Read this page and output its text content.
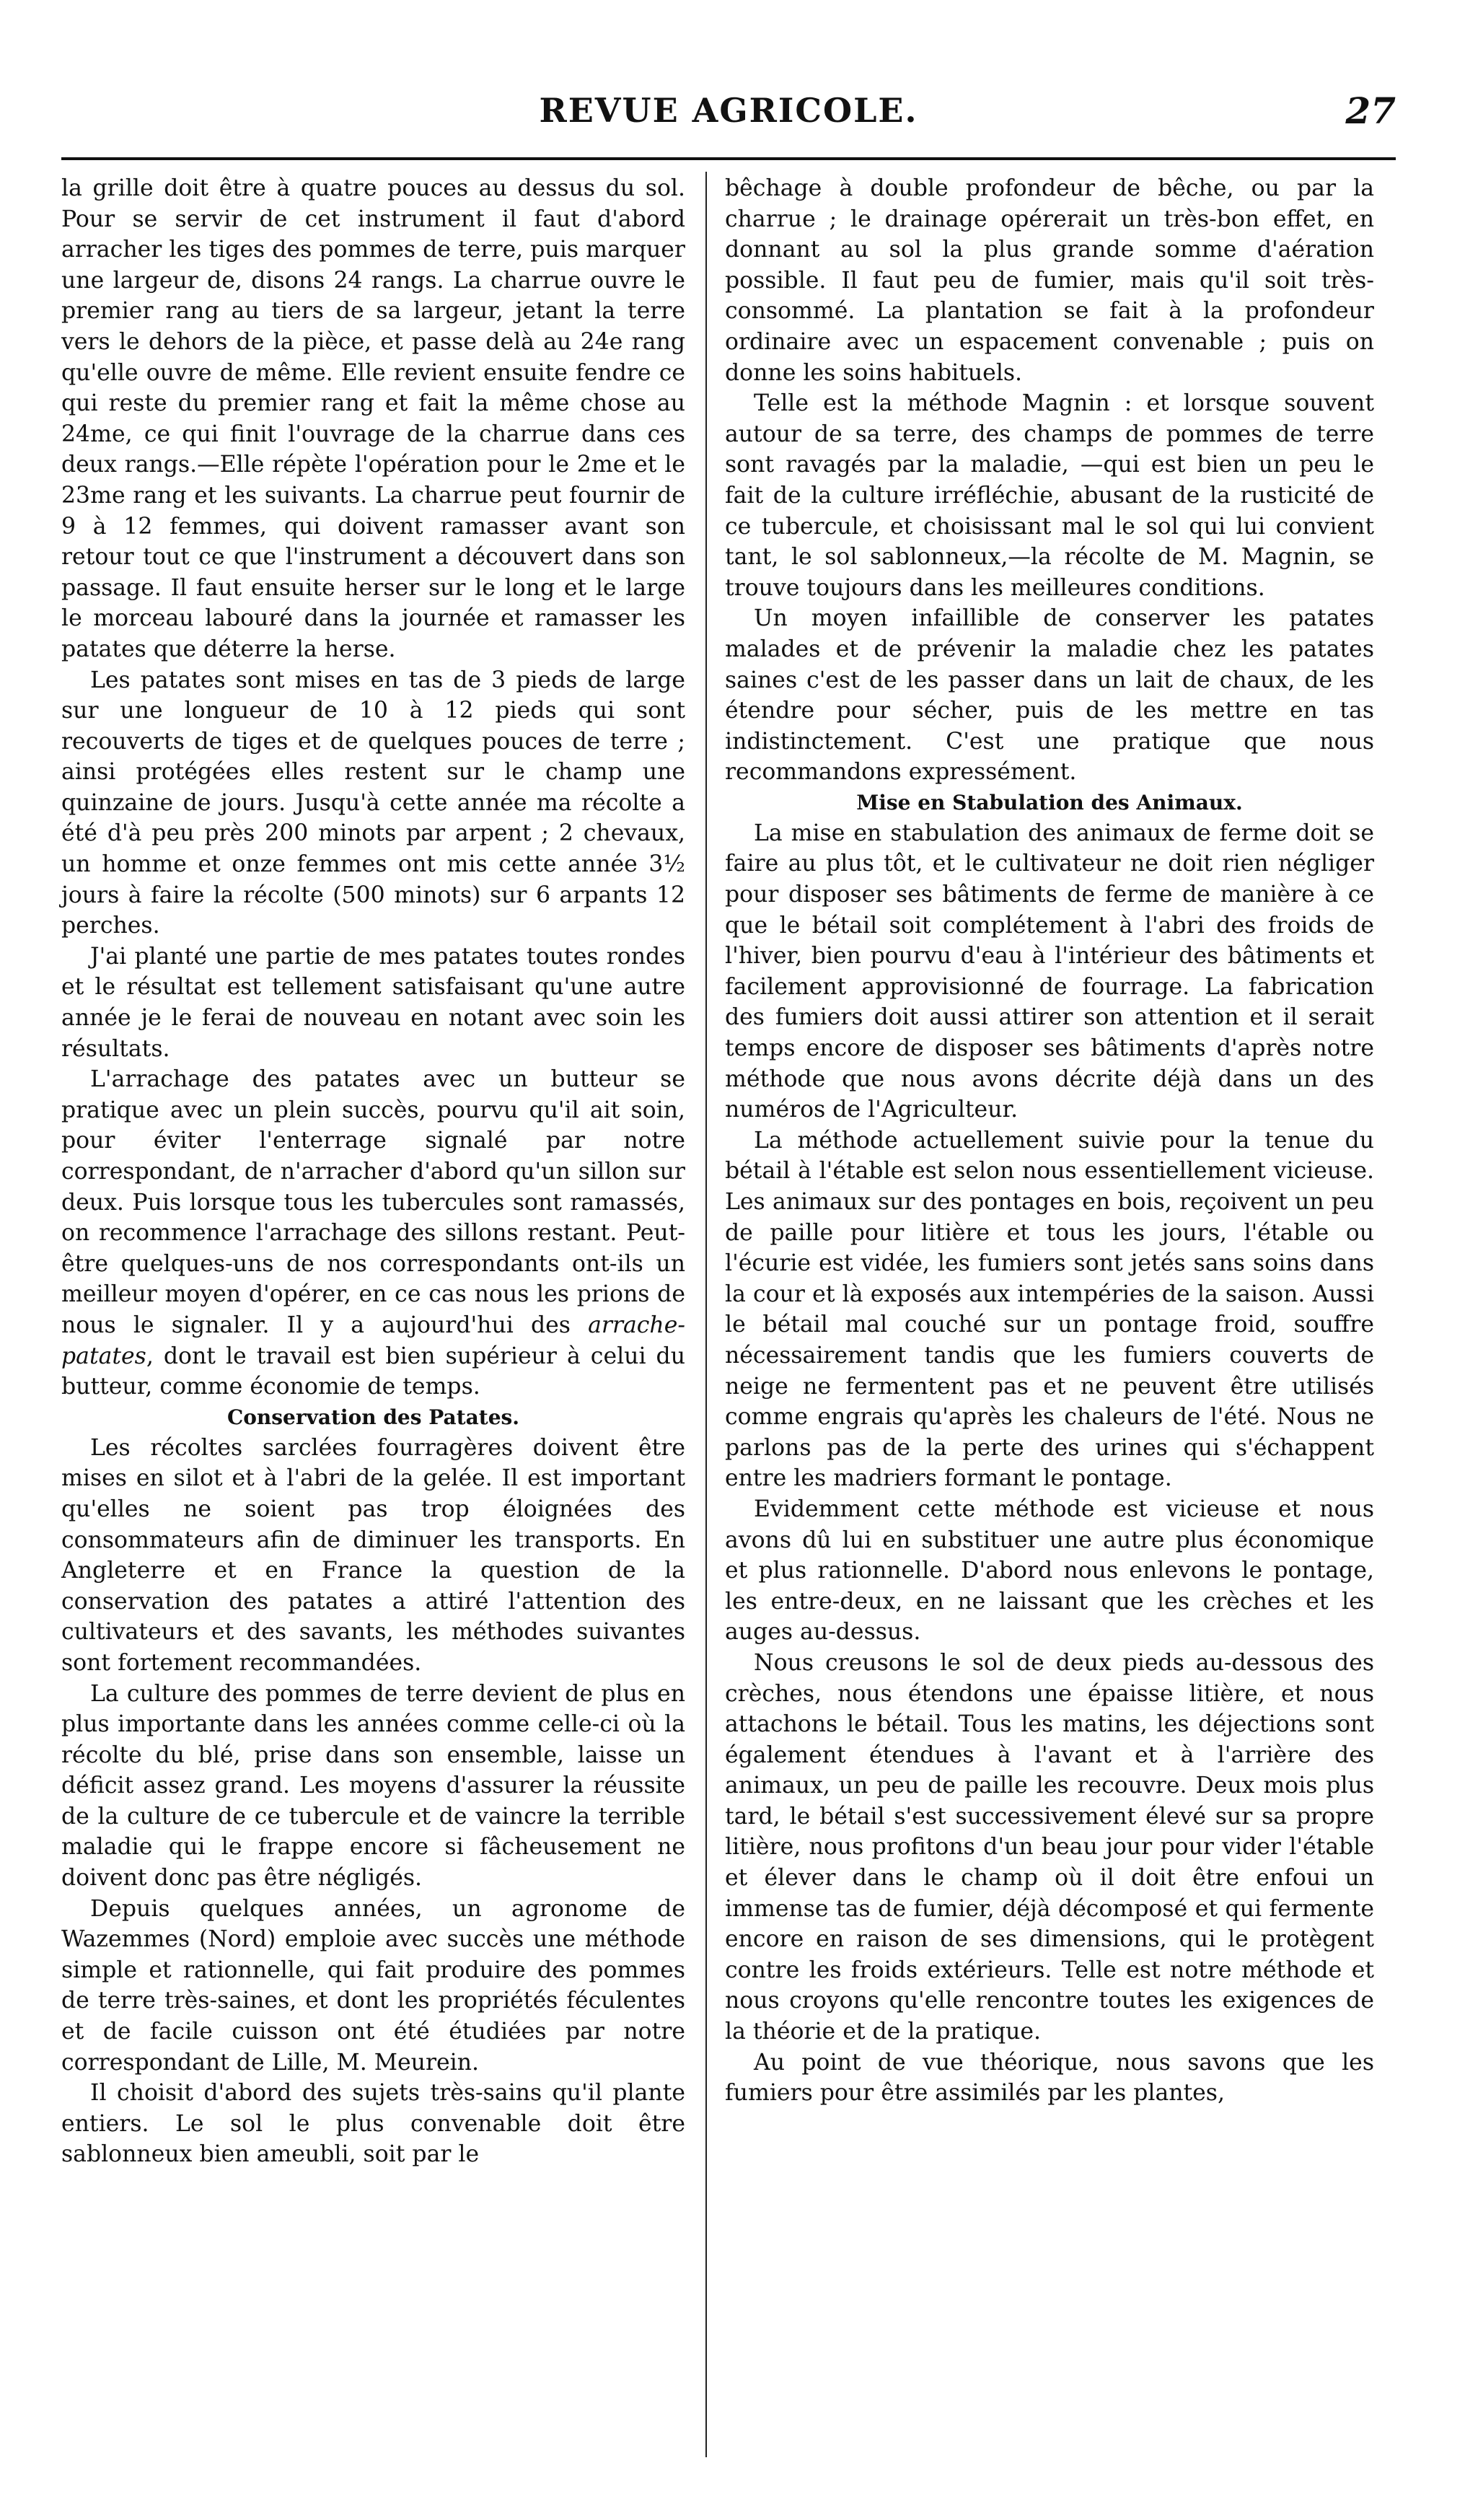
REVUE AGRICOLE.	27

la grille doit être à quatre pouces au dessus du sol. Pour se servir de cet instrument il faut d'abord arracher les tiges des pommes de terre, puis marquer une largeur de, disons 24 rangs. La charrue ouvre le premier rang au tiers de sa largeur, jetant la terre vers le dehors de la pièce, et passe delà au 24e rang qu'elle ouvre de même. Elle revient ensuite fendre ce qui reste du premier rang et fait la même chose au 24me, ce qui finit l'ouvrage de la charrue dans ces deux rangs.—Elle répète l'opération pour le 2me et le 23me rang et les suivants. La charrue peut fournir de 9 à 12 femmes, qui doivent ramasser avant son retour tout ce que l'instrument a découvert dans son passage. Il faut ensuite herser sur le long et le large le morceau labouré dans la journée et ramasser les patates que déterre la herse.

Les patates sont mises en tas de 3 pieds de large sur une longueur de 10 à 12 pieds qui sont recouverts de tiges et de quelques pouces de terre ; ainsi protégées elles restent sur le champ une quinzaine de jours. Jusqu'à cette année ma récolte a été d'à peu près 200 minots par arpent ; 2 chevaux, un homme et onze femmes ont mis cette année 3½ jours à faire la récolte (500 minots) sur 6 arpants 12 perches.

J'ai planté une partie de mes patates toutes rondes et le résultat est tellement satisfaisant qu'une autre année je le ferai de nouveau en notant avec soin les résultats.

L'arrachage des patates avec un butteur se pratique avec un plein succès, pourvu qu'il ait soin, pour éviter l'enterrage signalé par notre correspondant, de n'arracher d'abord qu'un sillon sur deux. Puis lorsque tous les tubercules sont ramassés, on recommence l'arrachage des sillons restant. Peut-être quelques-uns de nos correspondants ont-ils un meilleur moyen d'opérer, en ce cas nous les prions de nous le signaler. Il y a aujourd'hui des arrache-patates, dont le travail est bien supérieur à celui du butteur, comme économie de temps.

Conservation des Patates.

Les récoltes sarclées fourragères doivent être mises en silot et à l'abri de la gelée. Il est important qu'elles ne soient pas trop éloignées des consommateurs afin de diminuer les transports. En Angleterre et en France la question de la conservation des patates a attiré l'attention des cultivateurs et des savants, les méthodes suivantes sont fortement recommandées.

La culture des pommes de terre devient de plus en plus importante dans les années comme celle-ci où la récolte du blé, prise dans son ensemble, laisse un déficit assez grand. Les moyens d'assurer la réussite de la culture de ce tubercule et de vaincre la terrible maladie qui le frappe encore si fâcheusement ne doivent donc pas être négligés.

Depuis quelques années, un agronome de Wazemmes (Nord) emploie avec succès une méthode simple et rationnelle, qui fait produire des pommes de terre très-saines, et dont les propriétés féculentes et de facile cuisson ont été étudiées par notre correspondant de Lille, M. Meurein.

Il choisit d'abord des sujets très-sains qu'il plante entiers. Le sol le plus convenable doit être sablonneux bien ameubli, soit par le

bêchage à double profondeur de bêche, ou par la charrue ; le drainage opérerait un très-bon effet, en donnant au sol la plus grande somme d'aération possible. Il faut peu de fumier, mais qu'il soit très-consommé. La plantation se fait à la profondeur ordinaire avec un espacement convenable ; puis on donne les soins habituels.

Telle est la méthode Magnin : et lorsque souvent autour de sa terre, des champs de pommes de terre sont ravagés par la maladie, —qui est bien un peu le fait de la culture irréfléchie, abusant de la rusticité de ce tubercule, et choisissant mal le sol qui lui convient tant, le sol sablonneux,—la récolte de M. Magnin, se trouve toujours dans les meilleures conditions.

Un moyen infaillible de conserver les patates malades et de prévenir la maladie chez les patates saines c'est de les passer dans un lait de chaux, de les étendre pour sécher, puis de les mettre en tas indistinctement. C'est une pratique que nous recommandons expressément.

Mise en Stabulation des Animaux.

La mise en stabulation des animaux de ferme doit se faire au plus tôt, et le cultivateur ne doit rien négliger pour disposer ses bâtiments de ferme de manière à ce que le bétail soit complétement à l'abri des froids de l'hiver, bien pourvu d'eau à l'intérieur des bâtiments et facilement approvisionné de fourrage. La fabrication des fumiers doit aussi attirer son attention et il serait temps encore de disposer ses bâtiments d'après notre méthode que nous avons décrite déjà dans un des numéros de l'Agriculteur.

La méthode actuellement suivie pour la tenue du bétail à l'étable est selon nous essentiellement vicieuse. Les animaux sur des pontages en bois, reçoivent un peu de paille pour litière et tous les jours, l'étable ou l'écurie est vidée, les fumiers sont jetés sans soins dans la cour et là exposés aux intempéries de la saison. Aussi le bétail mal couché sur un pontage froid, souffre nécessairement tandis que les fumiers couverts de neige ne fermentent pas et ne peuvent être utilisés comme engrais qu'après les chaleurs de l'été. Nous ne parlons pas de la perte des urines qui s'échappent entre les madriers formant le pontage.

Evidemment cette méthode est vicieuse et nous avons dû lui en substituer une autre plus économique et plus rationnelle. D'abord nous enlevons le pontage, les entre-deux, en ne laissant que les crèches et les auges au-dessus.

Nous creusons le sol de deux pieds au-dessous des crèches, nous étendons une épaisse litière, et nous attachons le bétail. Tous les matins, les déjections sont également étendues à l'avant et à l'arrière des animaux, un peu de paille les recouvre. Deux mois plus tard, le bétail s'est successivement élevé sur sa propre litière, nous profitons d'un beau jour pour vider l'étable et élever dans le champ où il doit être enfoui un immense tas de fumier, déjà décomposé et qui fermente encore en raison de ses dimensions, qui le protègent contre les froids extérieurs. Telle est notre méthode et nous croyons qu'elle rencontre toutes les exigences de la théorie et de la pratique.

Au point de vue théorique, nous savons que les fumiers pour être assimilés par les plantes,
